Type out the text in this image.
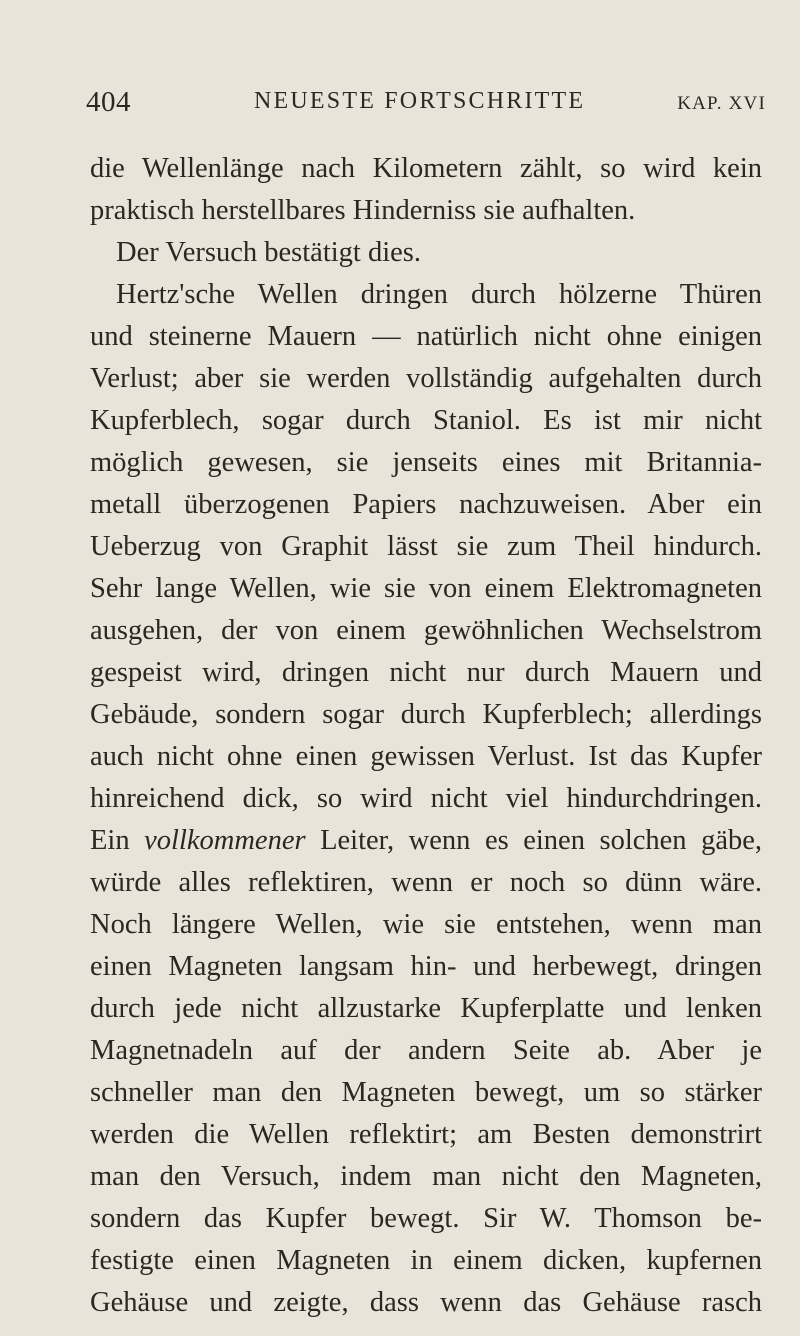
404	NEUESTE FORTSCHRITTE	KAP. XVI
die Wellenlänge nach Kilometern zählt, so wird kein
praktisch herstellbares Hinderniss sie aufhalten.
Der Versuch bestätigt dies.
Hertz'sche Wellen dringen durch hölzerne Thüren
und steinerne Mauern — natürlich nicht ohne einigen
Verlust; aber sie werden vollständig aufgehalten durch
Kupferblech, sogar durch Staniol. Es ist mir nicht
möglich gewesen, sie jenseits eines mit Britannia-
metall überzogenen Papiers nachzuweisen. Aber ein
Ueberzug von Graphit lässt sie zum Theil hindurch.
Sehr lange Wellen, wie sie von einem Elektromagneten
ausgehen, der von einem gewöhnlichen Wechselstrom
gespeist wird, dringen nicht nur durch Mauern und
Gebäude, sondern sogar durch Kupferblech; allerdings
auch nicht ohne einen gewissen Verlust. Ist das Kupfer
hinreichend dick, so wird nicht viel hindurchdringen.
Ein vollkommener Leiter, wenn es einen solchen gäbe,
würde alles reflektiren, wenn er noch so dünn wäre.
Noch längere Wellen, wie sie entstehen, wenn man
einen Magneten langsam hin- und herbewegt, dringen
durch jede nicht allzustarke Kupferplatte und lenken
Magnetnadeln auf der andern Seite ab. Aber je
schneller man den Magneten bewegt, um so stärker
werden die Wellen reflektirt; am Besten demonstrirt
man den Versuch, indem man nicht den Magneten,
sondern das Kupfer bewegt. Sir W. Thomson be-
festigte einen Magneten in einem dicken, kupfernen
Gehäuse und zeigte, dass wenn das Gehäuse rasch
